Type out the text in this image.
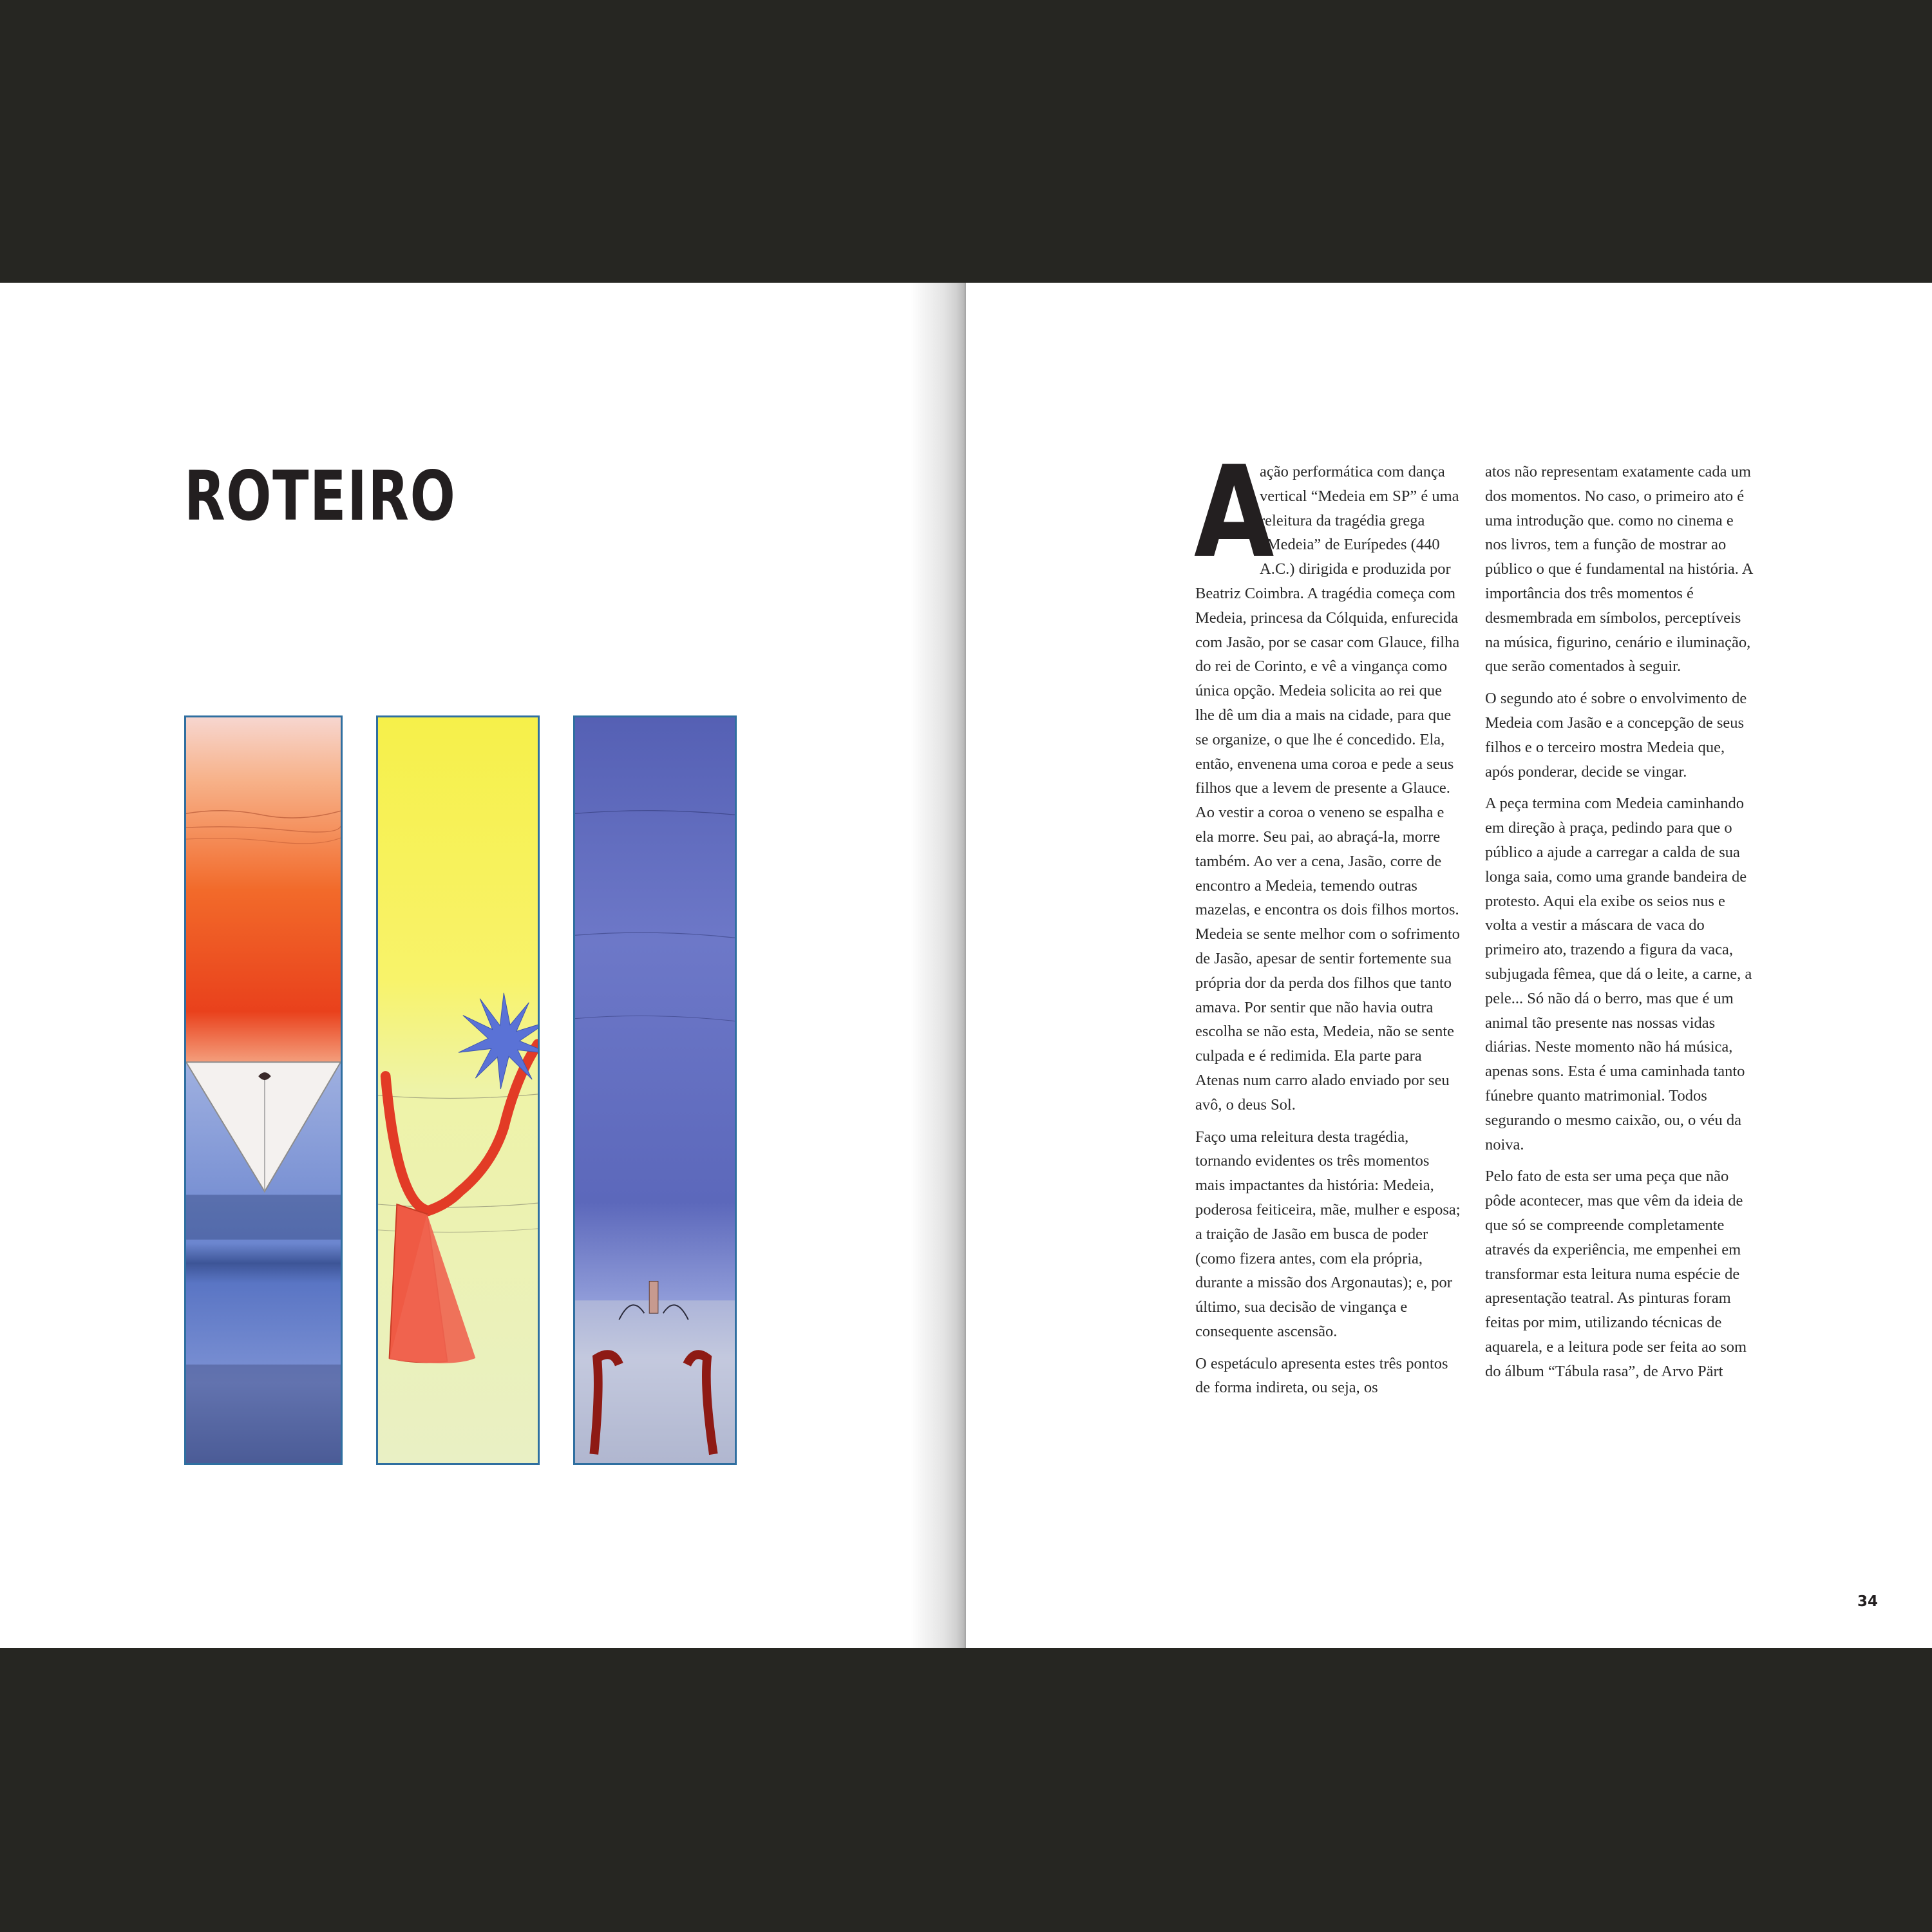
ROTEIRO	A
ação performática com dança vertical “Medeia em SP” é uma releitura da tragédia grega “Medeia” de Eurípedes (440 A.C.) dirigida e produzida por Beatriz Coimbra. A tragédia começa com Medeia, princesa da Cólquida, enfurecida com Jasão, por se casar com Glauce, filha do rei de Corinto, e vê a vingança como única opção. Medeia solicita ao rei que lhe dê um dia a mais na cidade, para que se organize, o que lhe é concedido. Ela, então, envenena uma coroa e pede a seus filhos que a levem de presente a Glauce. Ao vestir a coroa o veneno se espalha e ela morre. Seu pai, ao abraçá-la, morre também. Ao ver a cena, Jasão, corre de encontro a Medeia, temendo outras mazelas, e encontra os dois filhos mortos. Medeia se sente melhor com o sofrimento de Jasão, apesar de sentir fortemente sua própria dor da perda dos filhos que tanto amava. Por sentir que não havia outra escolha se não esta, Medeia, não se sente culpada e é redimida. Ela parte para Atenas num carro alado enviado por seu avô, o deus Sol.

Faço uma releitura desta tragédia, tornando evidentes os três momentos mais impactantes da história: Medeia, poderosa feiticeira, mãe, mulher e esposa; a traição de Jasão em busca de poder (como fizera antes, com ela própria, durante a missão dos Argonautas); e, por último, sua decisão de vingança e consequente ascensão.

O espetáculo apresenta estes três pontos de forma indireta, ou seja, os

atos não representam exatamente cada um dos momentos. No caso, o primeiro ato é uma introdução que. como no cinema e nos livros, tem a função de mostrar ao público o que é fundamental na história. A importância dos três momentos é desmembrada em símbolos, perceptíveis na música, figurino, cenário e iluminação, que serão comentados à seguir.

O segundo ato é sobre o envolvimento de Medeia com Jasão e a concepção de seus filhos e o terceiro mostra Medeia que, após ponderar, decide se vingar.

A peça termina com Medeia caminhando em direção à praça, pedindo para que o público a ajude a carregar a calda de sua longa saia, como uma grande bandeira de protesto. Aqui ela exibe os seios nus e volta a vestir a máscara de vaca do primeiro ato, trazendo a figura da vaca, subjugada fêmea, que dá o leite, a carne, a pele... Só não dá o berro, mas que é um animal tão presente nas nossas vidas diárias. Neste momento não há música, apenas sons. Esta é uma caminhada tanto fúnebre quanto matrimonial. Todos segurando o mesmo caixão, ou, o véu da noiva.

Pelo fato de esta ser uma peça que não pôde acontecer, mas que vêm da ideia de que só se compreende completamente através da experiência, me empenhei em transformar esta leitura numa espécie de apresentação teatral. As pinturas foram feitas por mim, utilizando técnicas de aquarela, e a leitura pode ser feita ao som do álbum “Tábula rasa”, de Arvo Pärt

34
